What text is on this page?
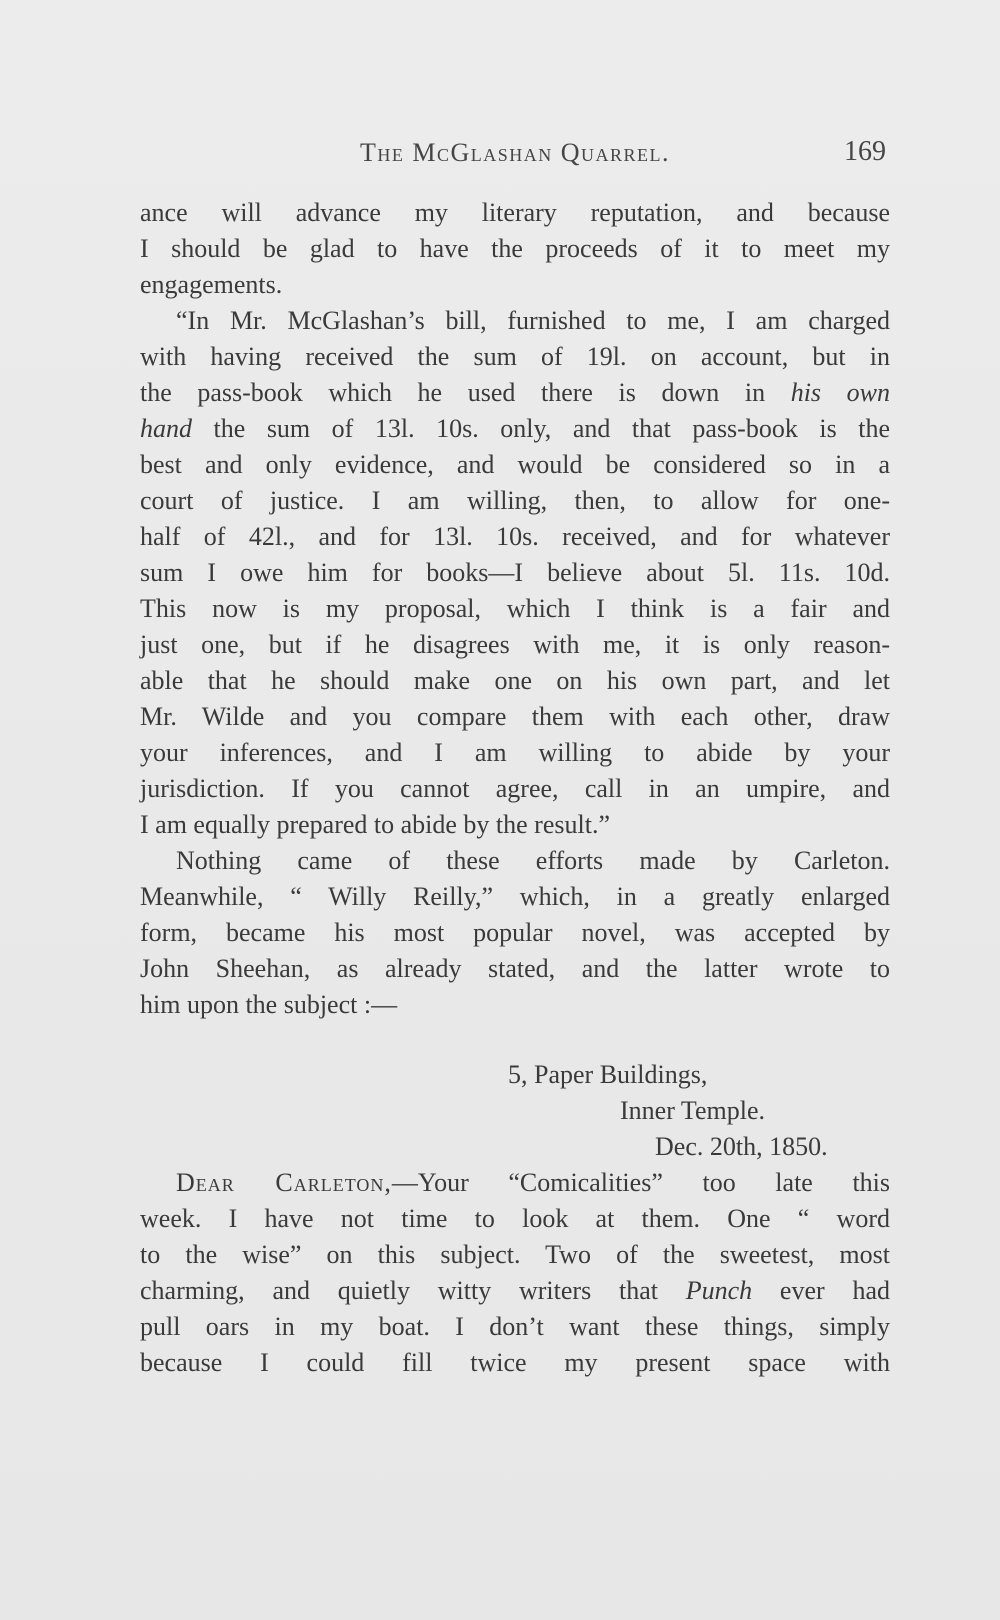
The McGlashan Quarrel.	169
ance will advance my literary reputation, and because
I should be glad to have the proceeds of it to meet my
engagements.
“In Mr. McGlashan’s bill, furnished to me, I am charged
with having received the sum of 19l. on account, but in
the pass-book which he used there is down in his own
hand the sum of 13l. 10s. only, and that pass-book is the
best and only evidence, and would be considered so in a
court of justice. I am willing, then, to allow for one-
half of 42l., and for 13l. 10s. received, and for whatever
sum I owe him for books—I believe about 5l. 11s. 10d.
This now is my proposal, which I think is a fair and
just one, but if he disagrees with me, it is only reason-
able that he should make one on his own part, and let
Mr. Wilde and you compare them with each other, draw
your inferences, and I am willing to abide by your
jurisdiction. If you cannot agree, call in an umpire, and
I am equally prepared to abide by the result.”
Nothing came of these efforts made by Carleton.
Meanwhile, “ Willy Reilly,” which, in a greatly enlarged
form, became his most popular novel, was accepted by
John Sheehan, as already stated, and the latter wrote to
him upon the subject :—
5, Paper Buildings,
Inner Temple.
Dec. 20th, 1850.
Dear Carleton,—Your “Comicalities” too late this
week. I have not time to look at them. One “ word
to the wise” on this subject. Two of the sweetest, most
charming, and quietly witty writers that Punch ever had
pull oars in my boat. I don’t want these things, simply
because I could fill twice my present space with
